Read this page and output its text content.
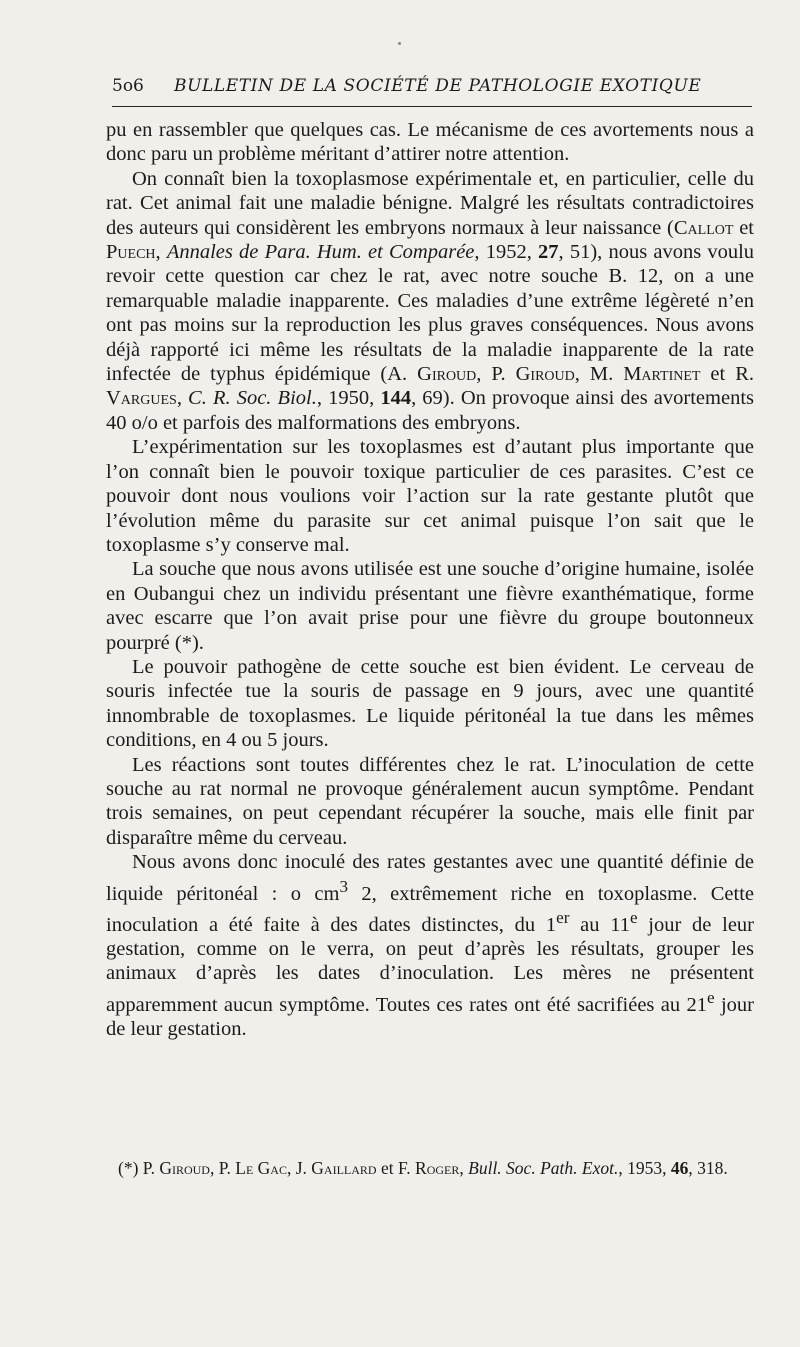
5o6 BULLETIN DE LA SOCIÉTÉ DE PATHOLOGIE EXOTIQUE

pu en rassembler que quelques cas. Le mécanisme de ces avortements nous a donc paru un problème méritant d’attirer notre attention.

On connaît bien la toxoplasmose expérimentale et, en particulier, celle du rat. Cet animal fait une maladie bénigne. Malgré les résultats contradictoires des auteurs qui considèrent les embryons normaux à leur naissance (Callot et Puech, Annales de Para. Hum. et Comparée, 1952, 27, 51), nous avons voulu revoir cette question car chez le rat, avec notre souche B. 12, on a une remarquable maladie inapparente. Ces maladies d’une extrême légèreté n’en ont pas moins sur la reproduction les plus graves conséquences. Nous avons déjà rapporté ici même les résultats de la maladie inapparente de la rate infectée de typhus épidémique (A. Giroud, P. Giroud, M. Martinet et R. Vargues, C. R. Soc. Biol., 1950, 144, 69). On provoque ainsi des avortements 40 o/o et parfois des malformations des embryons.

L’expérimentation sur les toxoplasmes est d’autant plus importante que l’on connaît bien le pouvoir toxique particulier de ces parasites. C’est ce pouvoir dont nous voulions voir l’action sur la rate gestante plutôt que l’évolution même du parasite sur cet animal puisque l’on sait que le toxoplasme s’y conserve mal.

La souche que nous avons utilisée est une souche d’origine humaine, isolée en Oubangui chez un individu présentant une fièvre exanthématique, forme avec escarre que l’on avait prise pour une fièvre du groupe boutonneux pourpré (*).

Le pouvoir pathogène de cette souche est bien évident. Le cerveau de souris infectée tue la souris de passage en 9 jours, avec une quantité innombrable de toxoplasmes. Le liquide péritonéal la tue dans les mêmes conditions, en 4 ou 5 jours.

Les réactions sont toutes différentes chez le rat. L’inoculation de cette souche au rat normal ne provoque généralement aucun symptôme. Pendant trois semaines, on peut cependant récupérer la souche, mais elle finit par disparaître même du cerveau.

Nous avons donc inoculé des rates gestantes avec une quantité définie de liquide péritonéal : o $cm^3$ 2, extrêmement riche en toxoplasme. Cette inoculation a été faite à des dates distinctes, du 1er au 11e jour de leur gestation, comme on le verra, on peut d’après les résultats, grouper les animaux d’après les dates d’inoculation. Les mères ne présentent apparemment aucun symptôme. Toutes ces rates ont été sacrifiées au 21e jour de leur gestation.

(*) P. Giroud, P. Le Gac, J. Gaillard et F. Roger, Bull. Soc. Path. Exot., 1953, 46, 318.
